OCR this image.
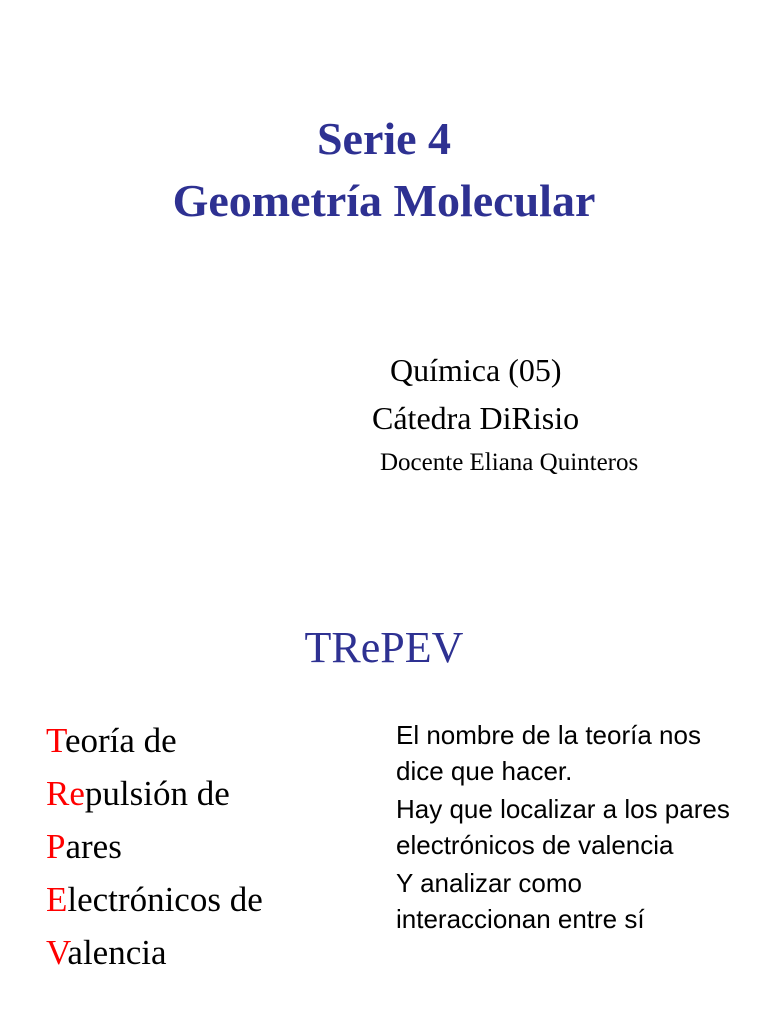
Serie 4

Geometría Molecular

Química (05)

Cátedra DiRisio

Docente Eliana Quinteros

TRePEV

Teoría de
Repulsión de
Pares
Electrónicos de
Valencia

El nombre de la teoría nos dice que hacer.

Hay que localizar a los pares electrónicos de valencia

Y analizar como interaccionan entre sí
